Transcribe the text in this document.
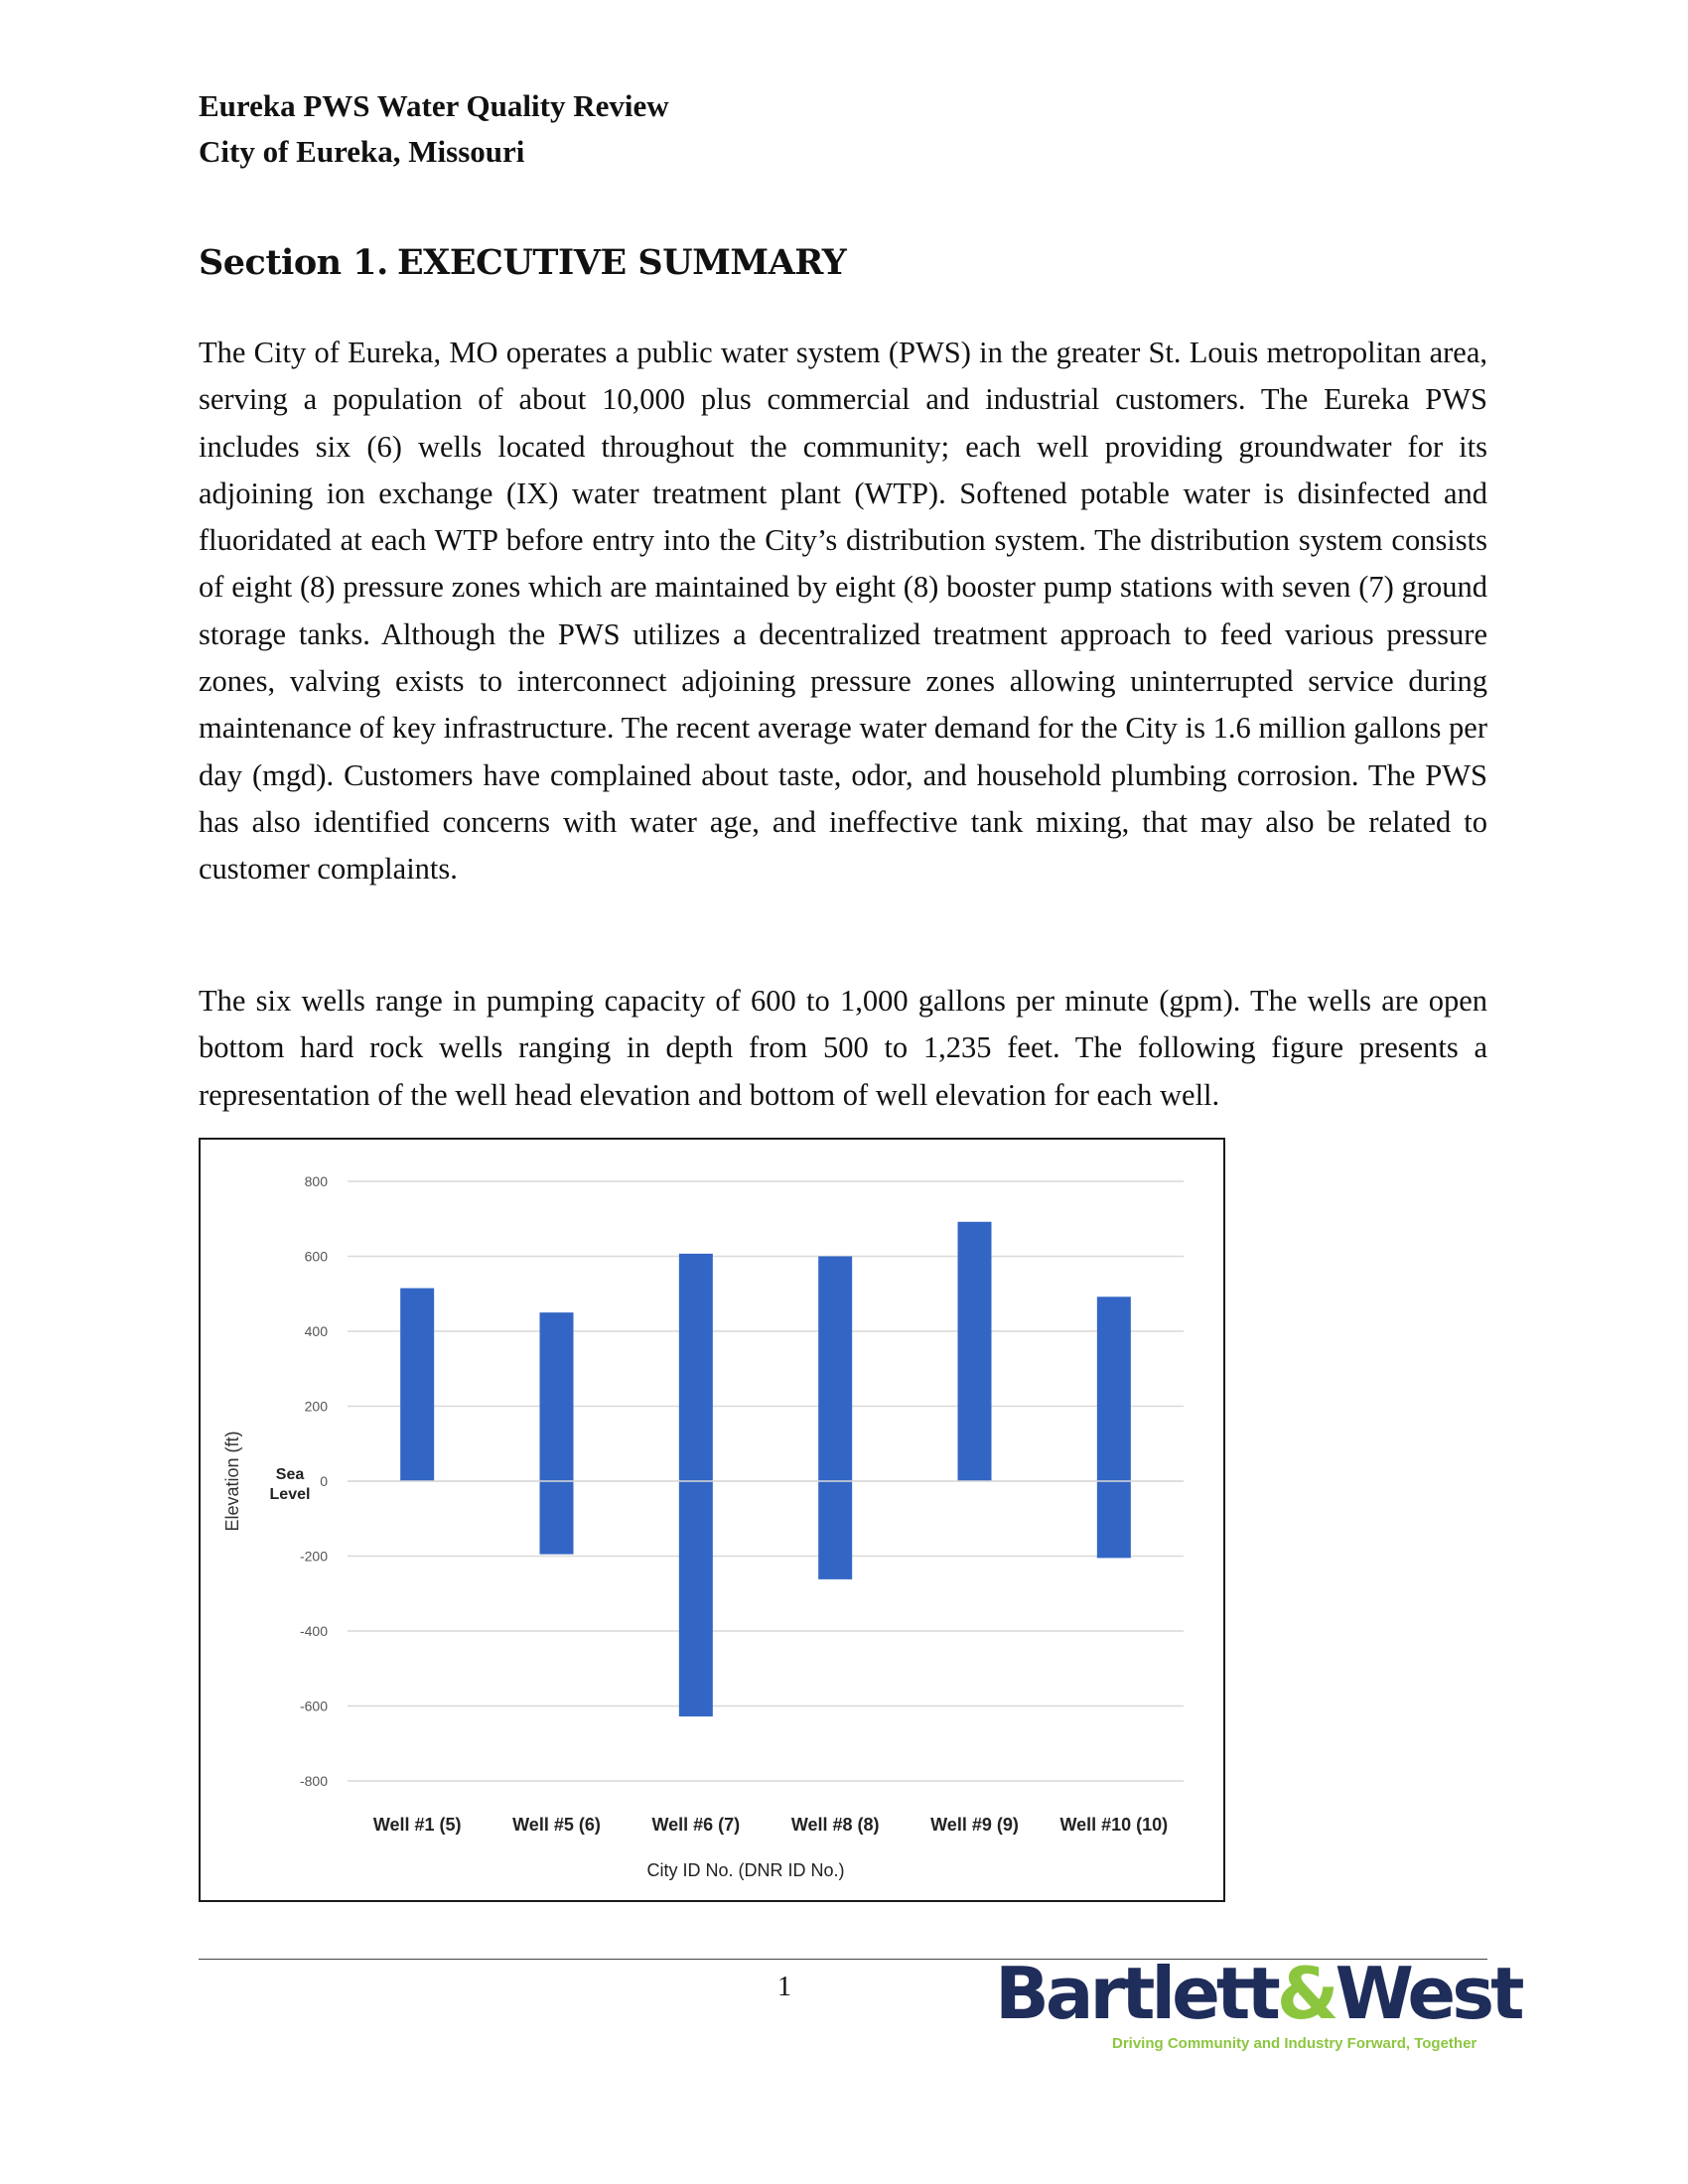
Eureka PWS Water Quality Review
City of Eureka, Missouri
Section 1. EXECUTIVE SUMMARY

The City of Eureka, MO operates a public water system (PWS) in the greater St. Louis metropolitan area, serving a population of about 10,000 plus commercial and industrial customers. The Eureka PWS includes six (6) wells located throughout the community; each well providing groundwater for its adjoining ion exchange (IX) water treatment plant (WTP). Softened potable water is disinfected and fluoridated at each WTP before entry into the City’s distribution system. The distribution system consists of eight (8) pressure zones which are maintained by eight (8) booster pump stations with seven (7) ground storage tanks. Although the PWS utilizes a decentralized treatment approach to feed various pressure zones, valving exists to interconnect adjoining pressure zones allowing uninterrupted service during maintenance of key infrastructure. The recent average water demand for the City is 1.6 million gallons per day (mgd). Customers have complained about taste, odor, and household plumbing corrosion. The PWS has also identified concerns with water age, and ineffective tank mixing, that may also be related to customer complaints.

The six wells range in pumping capacity of 600 to 1,000 gallons per minute (gpm). The wells are open bottom hard rock wells ranging in depth from 500 to 1,235 feet. The following figure presents a representation of the well head elevation and bottom of well elevation for each well.

800
600
400
200
0
-200
-400
-600
-800
Well #1 (5)	Well #5 (6)	Well #6 (7)	Well #8 (8)	Well #9 (9) Well #10 (10)
Sea
Level
Elevation (ft)
City ID No. (DNR ID No.)
1	Bartlett&West
Driving Community and Industry Forward, Together
